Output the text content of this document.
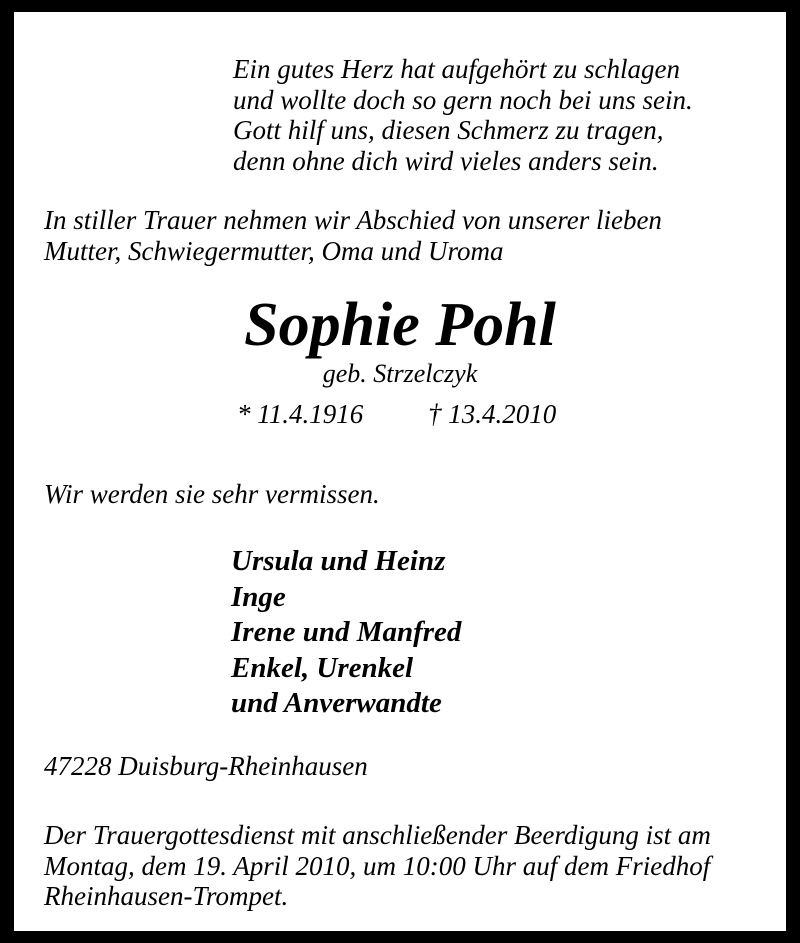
Ein gutes Herz hat aufgehört zu schlagen
und wollte doch so gern noch bei uns sein.
Gott hilf uns, diesen Schmerz zu tragen,
denn ohne dich wird vieles anders sein.
In stiller Trauer nehmen wir Abschied von unserer lieben
Mutter, Schwiegermutter, Oma und Uroma
Sophie Pohl
geb. Strzelczyk
* 11.4.1916 † 13.4.2010
Wir werden sie sehr vermissen.
Ursula und Heinz
Inge
Irene und Manfred
Enkel, Urenkel
und Anverwandte
47228 Duisburg-Rheinhausen
Der Trauergottesdienst mit anschließender Beerdigung ist am
Montag, dem 19. April 2010, um 10:00 Uhr auf dem Friedhof
Rheinhausen-Trompet.
